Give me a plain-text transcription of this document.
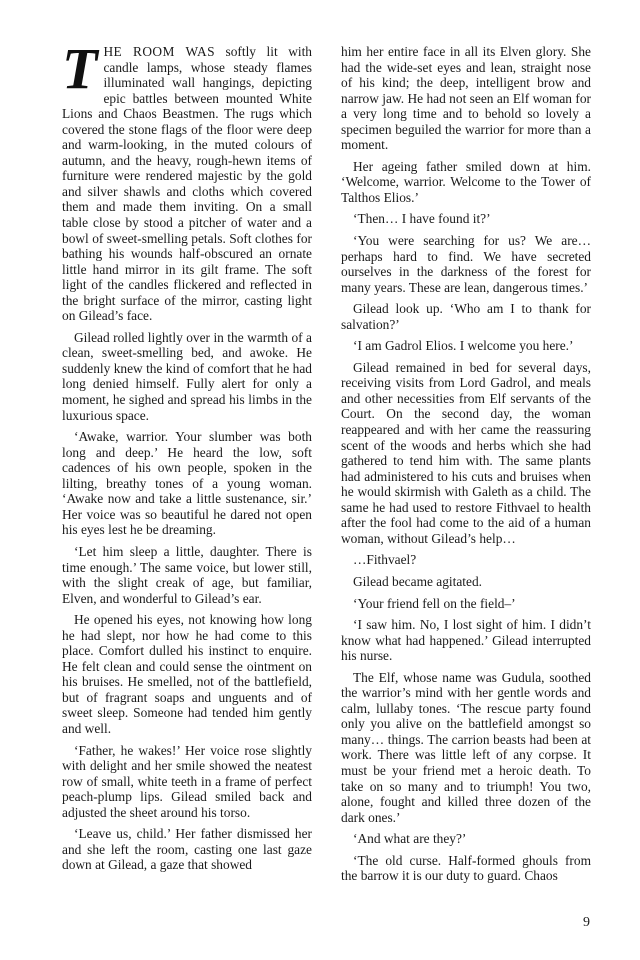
THE ROOM WAS softly lit with candle lamps, whose steady flames illuminated wall hangings, depicting epic battles between mounted White Lions and Chaos Beastmen. The rugs which covered the stone flags of the floor were deep and warm-looking, in the muted colours of autumn, and the heavy, rough-hewn items of furniture were rendered majestic by the gold and silver shawls and cloths which covered them and made them inviting. On a small table close by stood a pitcher of water and a bowl of sweet-smelling petals. Soft clothes for bathing his wounds half-obscured an ornate little hand mirror in its gilt frame. The soft light of the candles flickered and reflected in the bright surface of the mirror, casting light on Gilead’s face.

Gilead rolled lightly over in the warmth of a clean, sweet-smelling bed, and awoke. He suddenly knew the kind of comfort that he had long denied himself. Fully alert for only a moment, he sighed and spread his limbs in the luxurious space.

‘Awake, warrior. Your slumber was both long and deep.’ He heard the low, soft cadences of his own people, spoken in the lilting, breathy tones of a young woman. ‘Awake now and take a little sustenance, sir.’ Her voice was so beautiful he dared not open his eyes lest he be dreaming.

‘Let him sleep a little, daughter. There is time enough.’ The same voice, but lower still, with the slight creak of age, but familiar, Elven, and wonderful to Gilead’s ear.

He opened his eyes, not knowing how long he had slept, nor how he had come to this place. Comfort dulled his instinct to enquire. He felt clean and could sense the ointment on his bruises. He smelled, not of the battlefield, but of fragrant soaps and unguents and of sweet sleep. Someone had tended him gently and well.

‘Father, he wakes!’ Her voice rose slightly with delight and her smile showed the neatest row of small, white teeth in a frame of perfect peach-plump lips. Gilead smiled back and adjusted the sheet around his torso.

‘Leave us, child.’ Her father dismissed her and she left the room, casting one last gaze down at Gilead, a gaze that showed

him her entire face in all its Elven glory. She had the wide-set eyes and lean, straight nose of his kind; the deep, intelligent brow and narrow jaw. He had not seen an Elf woman for a very long time and to behold so lovely a specimen beguiled the warrior for more than a moment.

Her ageing father smiled down at him. ‘Welcome, warrior. Welcome to the Tower of Talthos Elios.’

‘Then… I have found it?’

‘You were searching for us? We are… perhaps hard to find. We have secreted ourselves in the darkness of the forest for many years. These are lean, dangerous times.’

Gilead look up. ‘Who am I to thank for salvation?’

‘I am Gadrol Elios. I welcome you here.’

Gilead remained in bed for several days, receiving visits from Lord Gadrol, and meals and other necessities from Elf servants of the Court. On the second day, the woman reappeared and with her came the reassuring scent of the woods and herbs which she had gathered to tend him with. The same plants had administered to his cuts and bruises when he would skirmish with Galeth as a child. The same he had used to restore Fithvael to health after the fool had come to the aid of a human woman, without Gilead’s help…

…Fithvael?

Gilead became agitated.

‘Your friend fell on the field–’

‘I saw him. No, I lost sight of him. I didn’t know what had happened.’ Gilead interrupted his nurse.

The Elf, whose name was Gudula, soothed the warrior’s mind with her gentle words and calm, lullaby tones. ‘The rescue party found only you alive on the battlefield amongst so many… things. The carrion beasts had been at work. There was little left of any corpse. It must be your friend met a heroic death. To take on so many and to triumph! You two, alone, fought and killed three dozen of the dark ones.’

‘And what are they?’

‘The old curse. Half-formed ghouls from the barrow it is our duty to guard. Chaos

9
